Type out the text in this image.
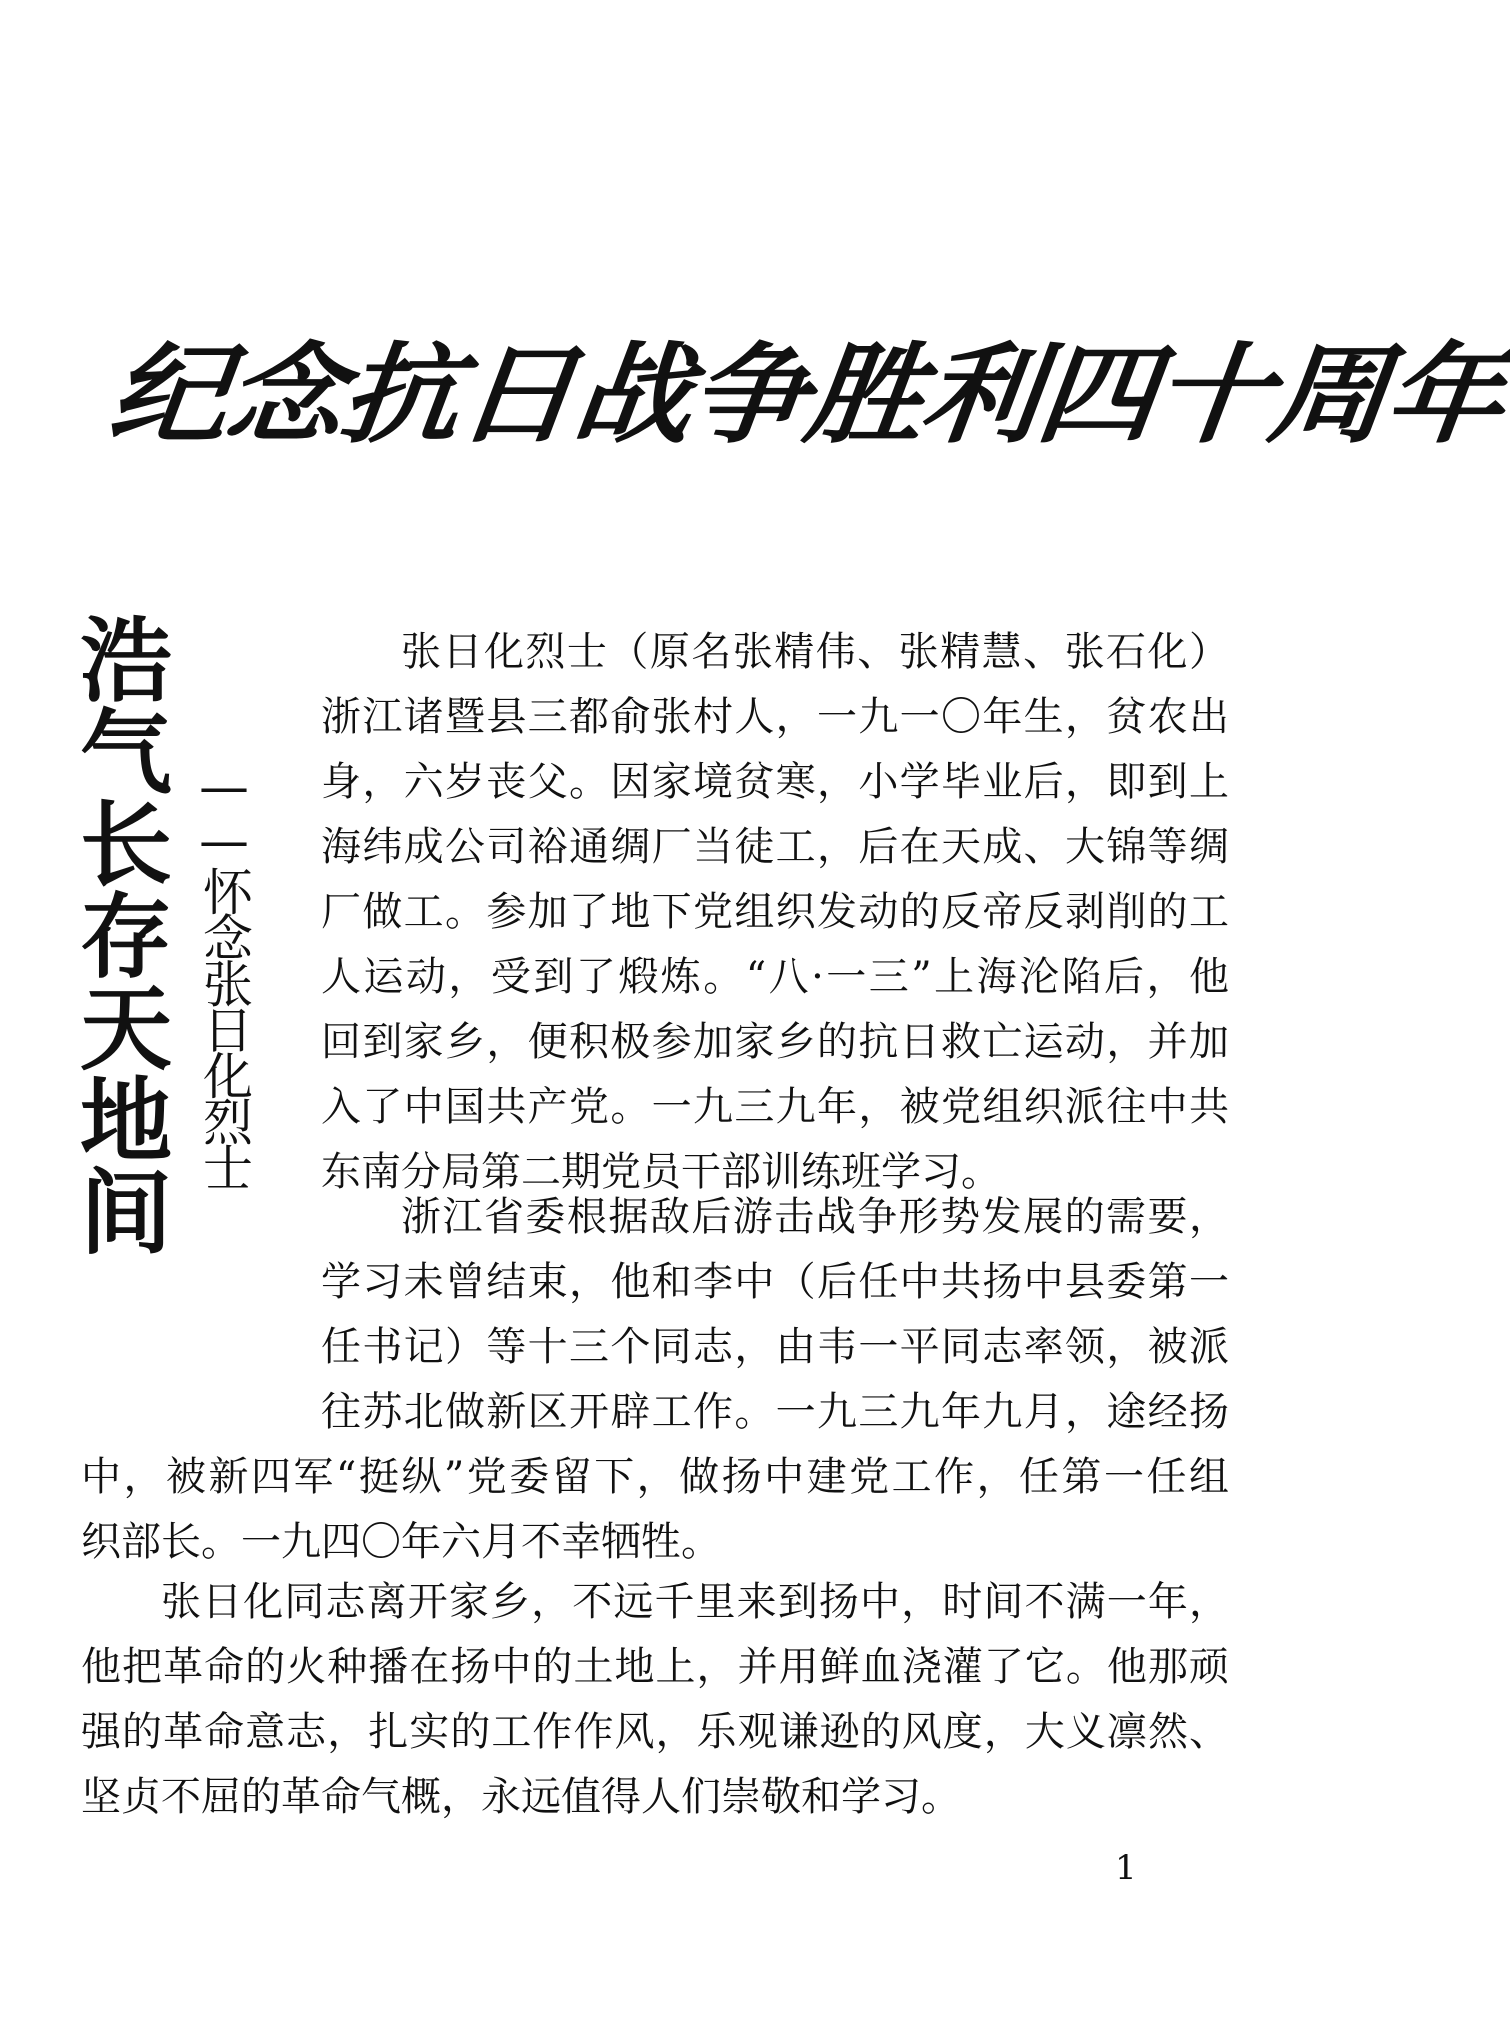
纪念抗日战争胜利四十周年
浩气长存天地间 ——怀念张日化烈士
张日化烈士（原名张精伟、张精慧、张石化）
浙江诸暨县三都俞张村人，一九一〇年生，贫农出
身，六岁丧父。因家境贫寒，小学毕业后，即到上
海纬成公司裕通绸厂当徒工，后在天成、大锦等绸
厂做工。参加了地下党组织发动的反帝反剥削的工
人运动，受到了煅炼。“八·一三”上海沦陷后，他
回到家乡，便积极参加家乡的抗日救亡运动，并加
入了中国共产党。一九三九年，被党组织派往中共
东南分局第二期党员干部训练班学习。
浙江省委根据敌后游击战争形势发展的需要，
学习未曾结束，他和李中（后任中共扬中县委第一
任书记）等十三个同志，由韦一平同志率领，被派
往苏北做新区开辟工作。一九三九年九月，途经扬
中，被新四军“挺纵”党委留下，做扬中建党工作，任第一任组
织部长。一九四〇年六月不幸牺牲。
张日化同志离开家乡，不远千里来到扬中，时间不满一年，
他把革命的火种播在扬中的土地上，并用鲜血浇灌了它。他那顽
强的革命意志，扎实的工作作风，乐观谦逊的风度，大义凛然、
坚贞不屈的革命气概，永远值得人们崇敬和学习。
1
